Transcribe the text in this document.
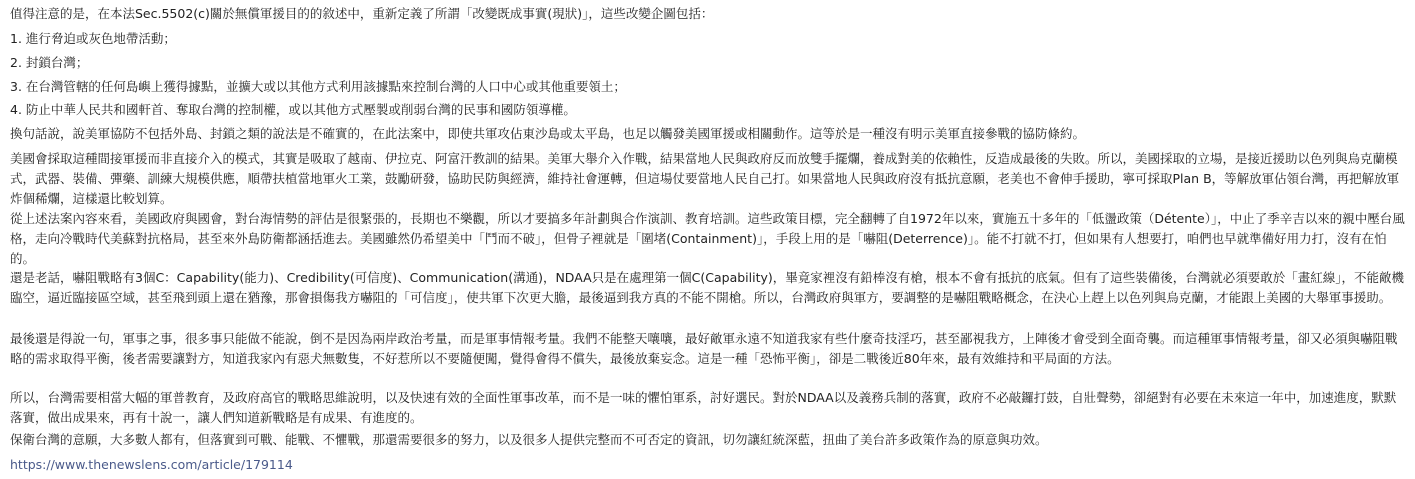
值得注意的是，在本法Sec.5502(c)關於無償軍援目的的敘述中，重新定義了所謂「改變既成事實(現狀)」，這些改變企圖包括：

1. 進行脅迫或灰色地帶活動；

2. 封鎖台灣；

3. 在台灣管轄的任何島嶼上獲得據點，並擴大或以其他方式利用該據點來控制台灣的人口中心或其他重要領土；

4. 防止中華人民共和國軒首、奪取台灣的控制權，或以其他方式壓製或削弱台灣的民事和國防領導權。

換句話說，說美軍協防不包括外島、封鎖之類的說法是不確實的，在此法案中，即使共軍攻佔東沙島或太平島，也足以觸發美國軍援或相關動作。這等於是一種沒有明示美軍直接參戰的協防條約。

美國會採取這種間接軍援而非直接介入的模式，其實是吸取了越南、伊拉克、阿富汗教訓的結果。美軍大舉介入作戰，結果當地人民與政府反而放雙手擺爛，養成對美的依賴性，反造成最後的失敗。所以，美國採取的立場，是接近援助以色列與烏克蘭模式，武器、裝備、彈藥、訓練大規模供應，順帶扶植當地軍火工業，鼓勵研發，協助民防與經濟，維持社會運轉，但這場仗要當地人民自己打。如果當地人民與政府沒有抵抗意願，老美也不會伸手援助，寧可採取Plan B，等解放軍佔領台灣，再把解放軍炸個稀爛，這樣還比較划算。

從上述法案內容來看，美國政府與國會，對台海情勢的評估是很緊張的，長期也不樂觀，所以才要搞多年計劃與合作演訓、教育培訓。這些政策目標，完全翻轉了自1972年以來，實施五十多年的「低盪政策（Détente）」，中止了季辛吉以來的親中壓台風格，走向冷戰時代美蘇對抗格局，甚至來外島防衛都涵括進去。美國雖然仍希望美中「鬥而不破」，但骨子裡就是「圍堵(Containment)」，手段上用的是「嚇阻(Deterrence)」。能不打就不打，但如果有人想要打，咱們也早就準備好用力打，沒有在怕的。

還是老話，嚇阻戰略有3個C：Capability(能力)、Credibility(可信度)、Communication(溝通)，NDAA只是在處理第一個C(Capability)，畢竟家裡沒有鉛棒沒有槍，根本不會有抵抗的底氣。但有了這些裝備後，台灣就必須要敢於「畫紅線」，不能敵機臨空，逼近臨接區空域，甚至飛到頭上還在猶豫，那會損傷我方嚇阻的「可信度」，使共軍下次更大膽，最後逼到我方真的不能不開槍。所以，台灣政府與軍方，要調整的是嚇阻戰略概念，在決心上趕上以色列與烏克蘭，才能跟上美國的大舉軍事援助。

最後還是得說一句，軍事之事，很多事只能做不能說，倒不是因為兩岸政治考量，而是軍事情報考量。我們不能整天嚷嚷，最好敵軍永遠不知道我家有些什麼奇技淫巧，甚至鄙視我方，上陣後才會受到全面奇襲。而這種軍事情報考量，卻又必須與嚇阻戰略的需求取得平衡，後者需要讓對方，知道我家內有惡犬無數隻，不好惹所以不要隨便闖，覺得會得不償失，最後放棄妄念。這是一種「恐怖平衡」，卻是二戰後近80年來，最有效維持和平局面的方法。

所以，台灣需要相當大幅的軍普教育，及政府高官的戰略思維說明，以及快速有效的全面性軍事改革，而不是一味的懼怕軍系，討好選民。對於NDAA以及義務兵制的落實，政府不必敲鑼打鼓，自壯聲勢，卻絕對有必要在未來這一年中，加速進度，默默落實，做出成果來，再有十說一，讓人們知道新戰略是有成果、有進度的。

保衛台灣的意願，大多數人都有，但落實到可戰、能戰、不懼戰，那還需要很多的努力，以及很多人提供完整而不可否定的資訊，切勿讓紅統深藍，扭曲了美台許多政策作為的原意與功效。

https://www.thenewslens.com/article/179114
